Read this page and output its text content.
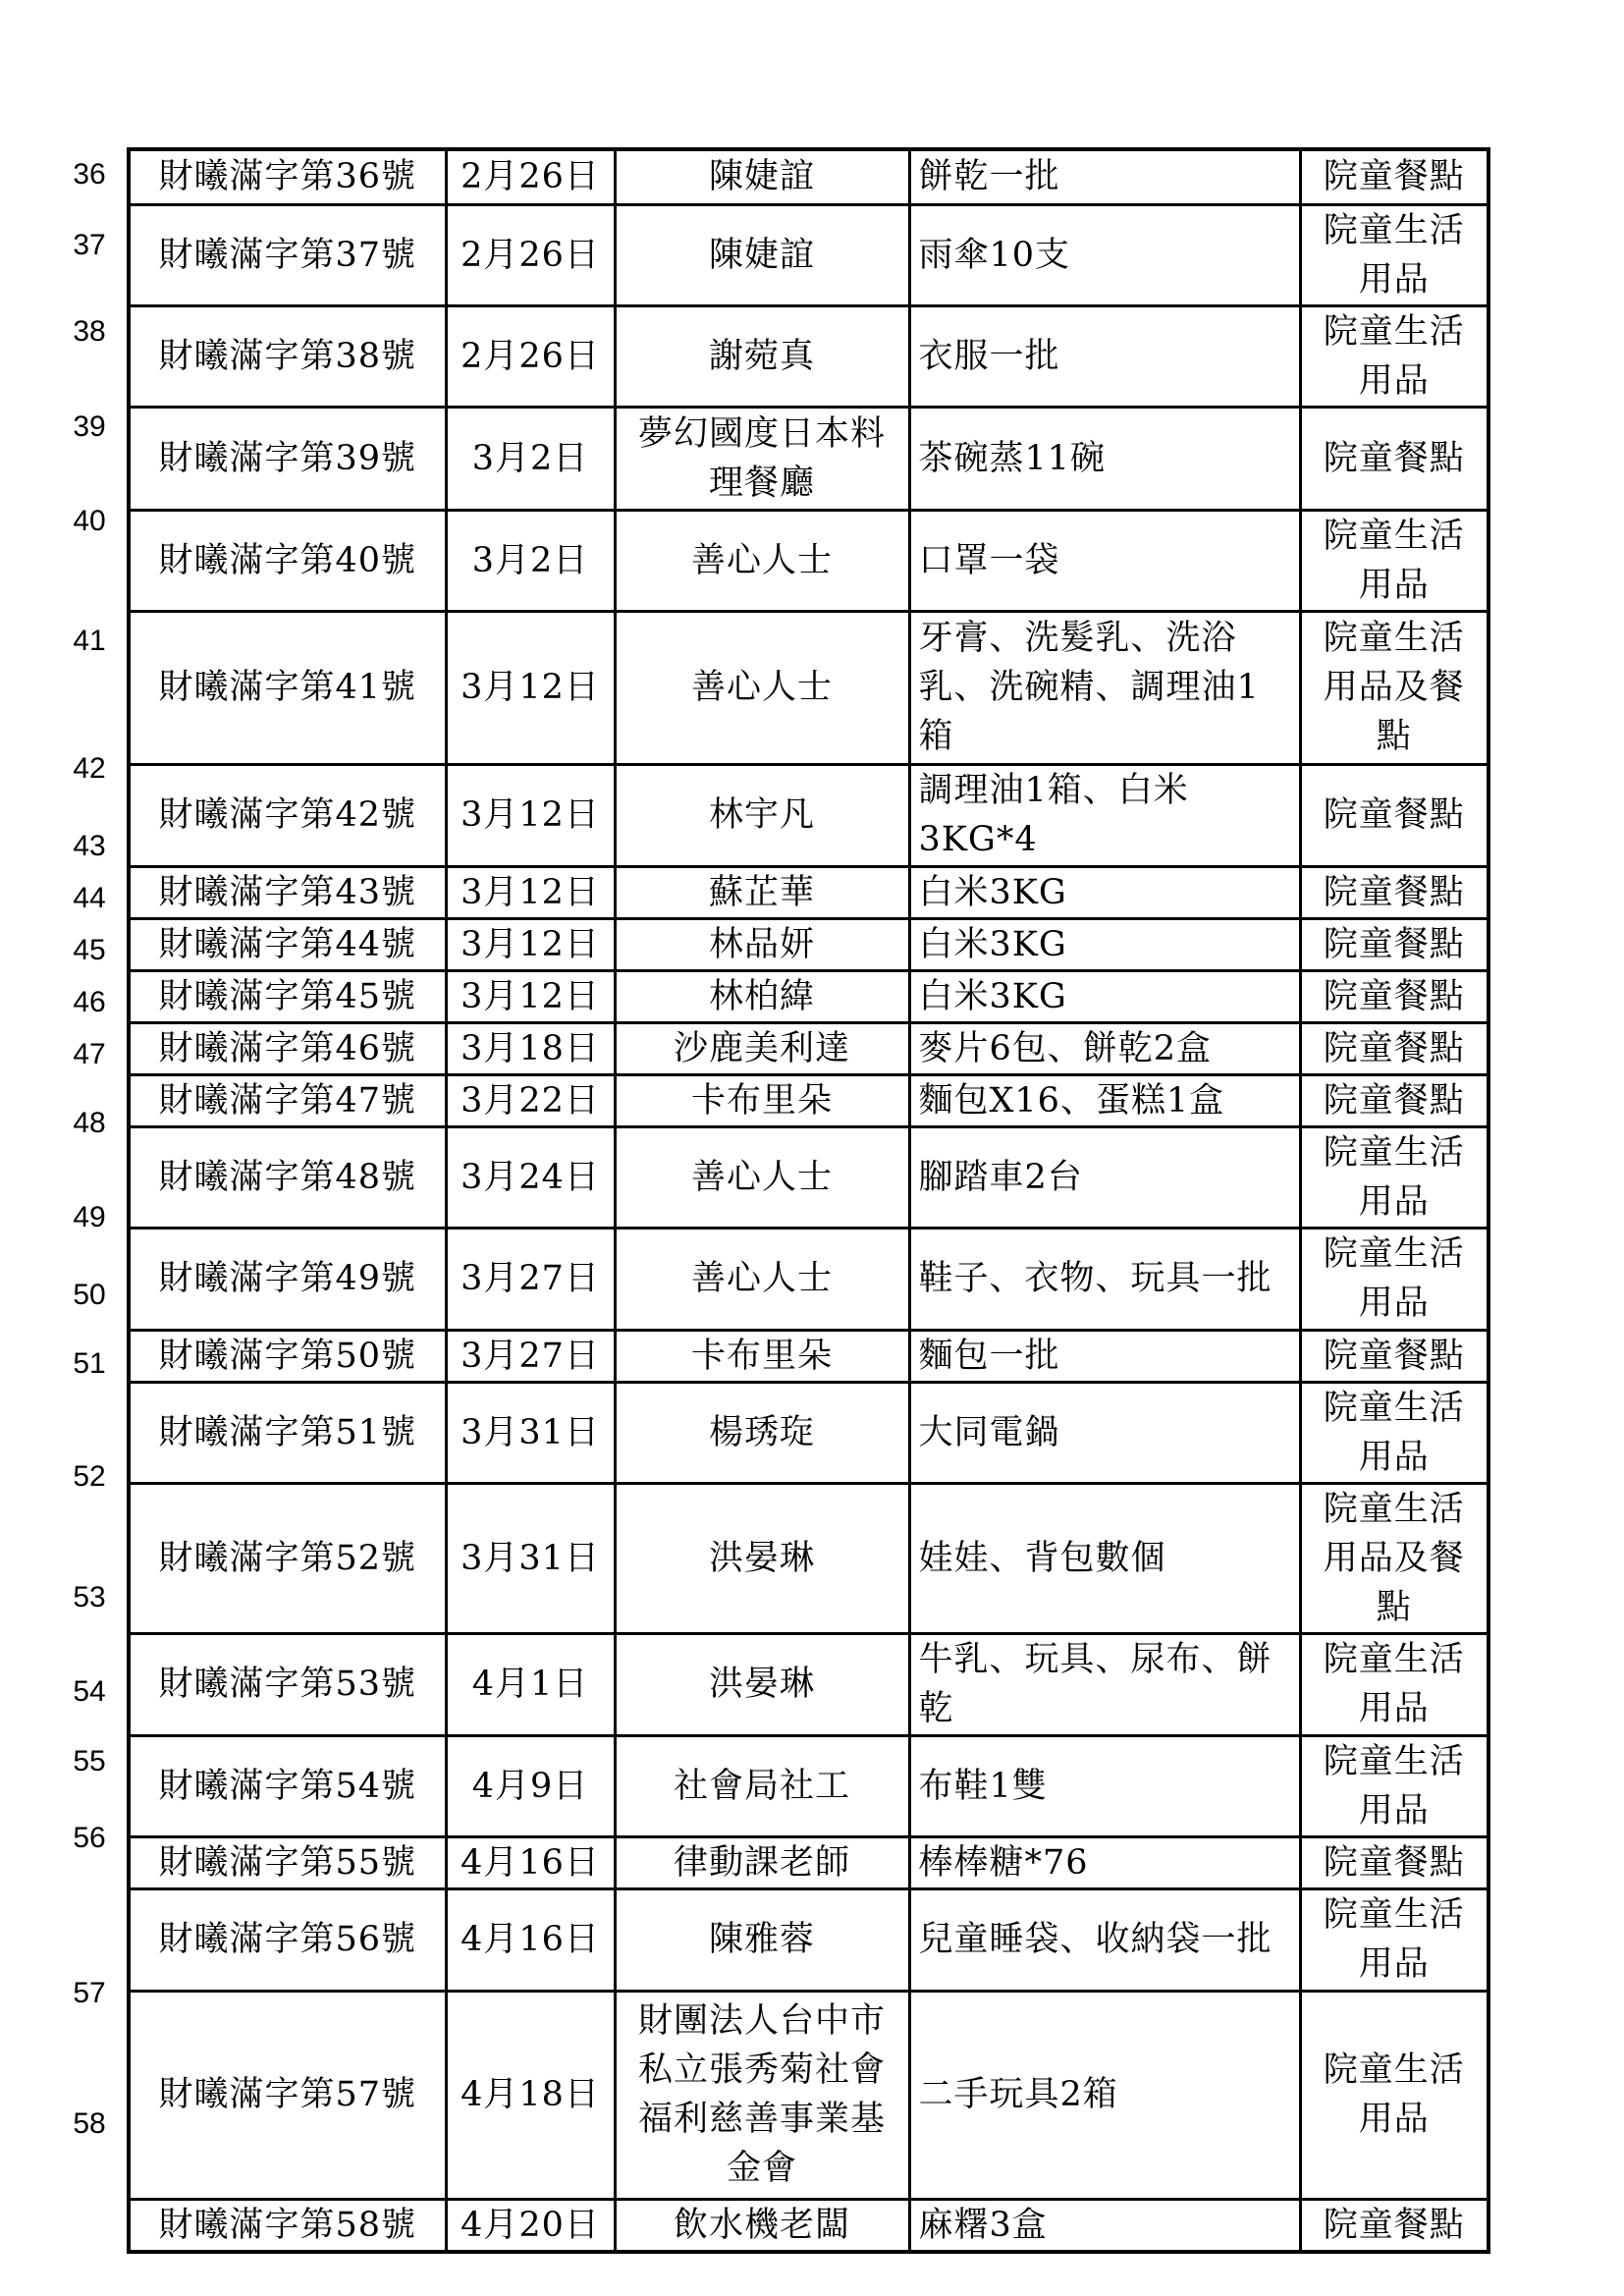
36
37
38
39
40
41
42
43
44
45
46
47
48
49
50
51
52
53
54
55
56
57
58
財曦滿字第36號	2月26日	陳婕誼	餅乾一批	院童餐點
財曦滿字第37號	2月26日	陳婕誼	雨傘10支	院童生活用品
財曦滿字第38號	2月26日	謝菀真	衣服一批	院童生活用品
財曦滿字第39號	3月2日	夢幻國度日本料理餐廳	茶碗蒸11碗	院童餐點
財曦滿字第40號	3月2日	善心人士	口罩一袋	院童生活用品
財曦滿字第41號	3月12日	善心人士	牙膏、洗髮乳、洗浴乳、洗碗精、調理油1箱	院童生活用品及餐點
財曦滿字第42號	3月12日	林宇凡	調理油1箱、白米3KG*4	院童餐點
財曦滿字第43號	3月12日	蘇芷華	白米3KG	院童餐點
財曦滿字第44號	3月12日	林品妍	白米3KG	院童餐點
財曦滿字第45號	3月12日	林柏緯	白米3KG	院童餐點
財曦滿字第46號	3月18日	沙鹿美利達	麥片6包、餅乾2盒	院童餐點
財曦滿字第47號	3月22日	卡布里朵	麵包X16、蛋糕1盒	院童餐點
財曦滿字第48號	3月24日	善心人士	腳踏車2台	院童生活用品
財曦滿字第49號	3月27日	善心人士	鞋子、衣物、玩具一批	院童生活用品
財曦滿字第50號	3月27日	卡布里朵	麵包一批	院童餐點
財曦滿字第51號	3月31日	楊琇琁	大同電鍋	院童生活用品
財曦滿字第52號	3月31日	洪晏琳	娃娃、背包數個	院童生活用品及餐點
財曦滿字第53號	4月1日	洪晏琳	牛乳、玩具、尿布、餅乾	院童生活用品
財曦滿字第54號	4月9日	社會局社工	布鞋1雙	院童生活用品
財曦滿字第55號	4月16日	律動課老師	棒棒糖*76	院童餐點
財曦滿字第56號	4月16日	陳雅蓉	兒童睡袋、收納袋一批	院童生活用品
財曦滿字第57號	4月18日	財團法人台中市私立張秀菊社會福利慈善事業基金會	二手玩具2箱	院童生活用品
財曦滿字第58號	4月20日	飲水機老闆	麻糬3盒	院童餐點
